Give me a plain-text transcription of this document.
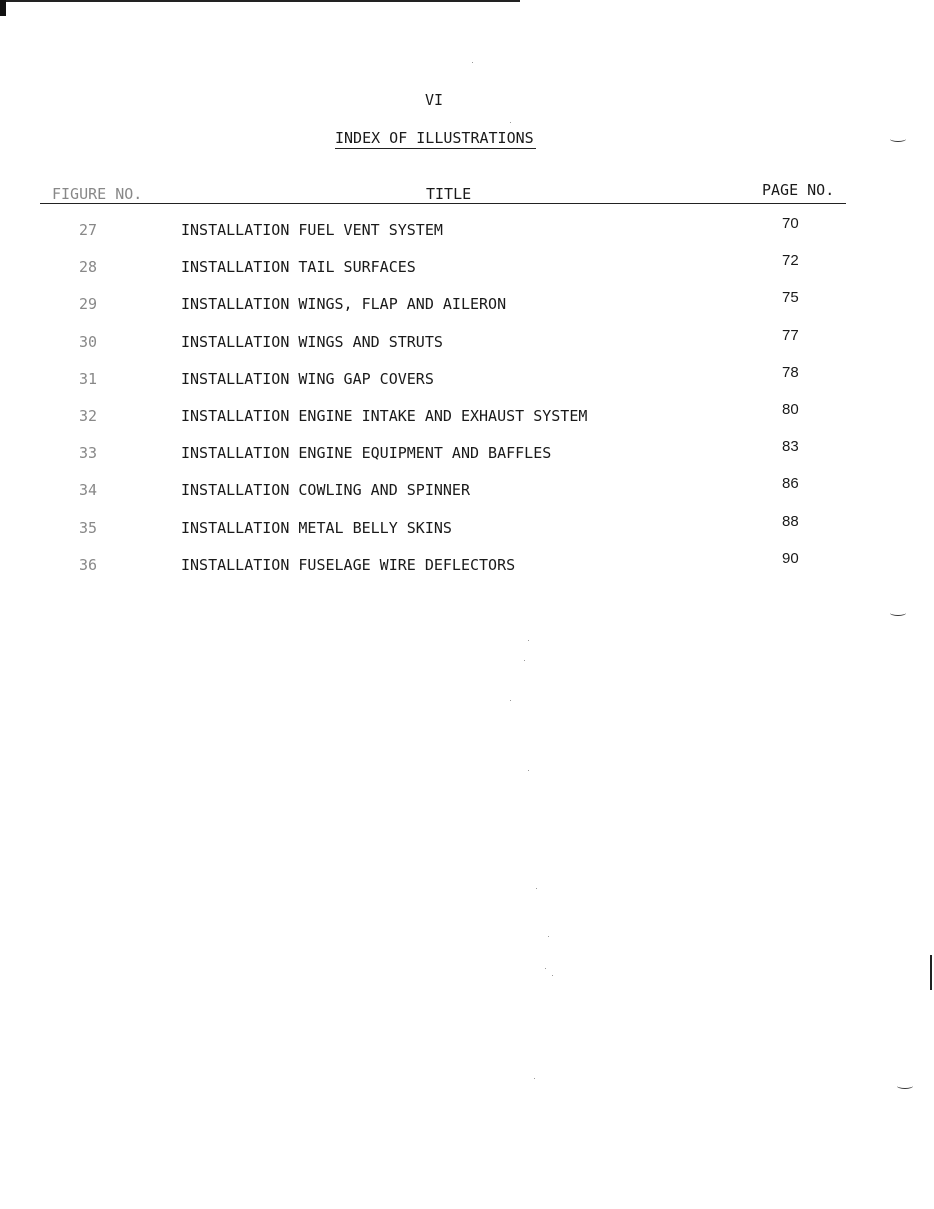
VI
INDEX OF ILLUSTRATIONS
FIGURE NO.	TITLE	PAGE NO.
27	INSTALLATION FUEL VENT SYSTEM	70
28	INSTALLATION TAIL SURFACES	72
29	INSTALLATION WINGS, FLAP AND AILERON	75
30	INSTALLATION WINGS AND STRUTS	77
31	INSTALLATION WING GAP COVERS	78
32	INSTALLATION ENGINE INTAKE AND EXHAUST SYSTEM	80
33	INSTALLATION ENGINE EQUIPMENT AND BAFFLES	83
34	INSTALLATION COWLING AND SPINNER	86
35	INSTALLATION METAL BELLY SKINS	88
36	INSTALLATION FUSELAGE WIRE DEFLECTORS	90
